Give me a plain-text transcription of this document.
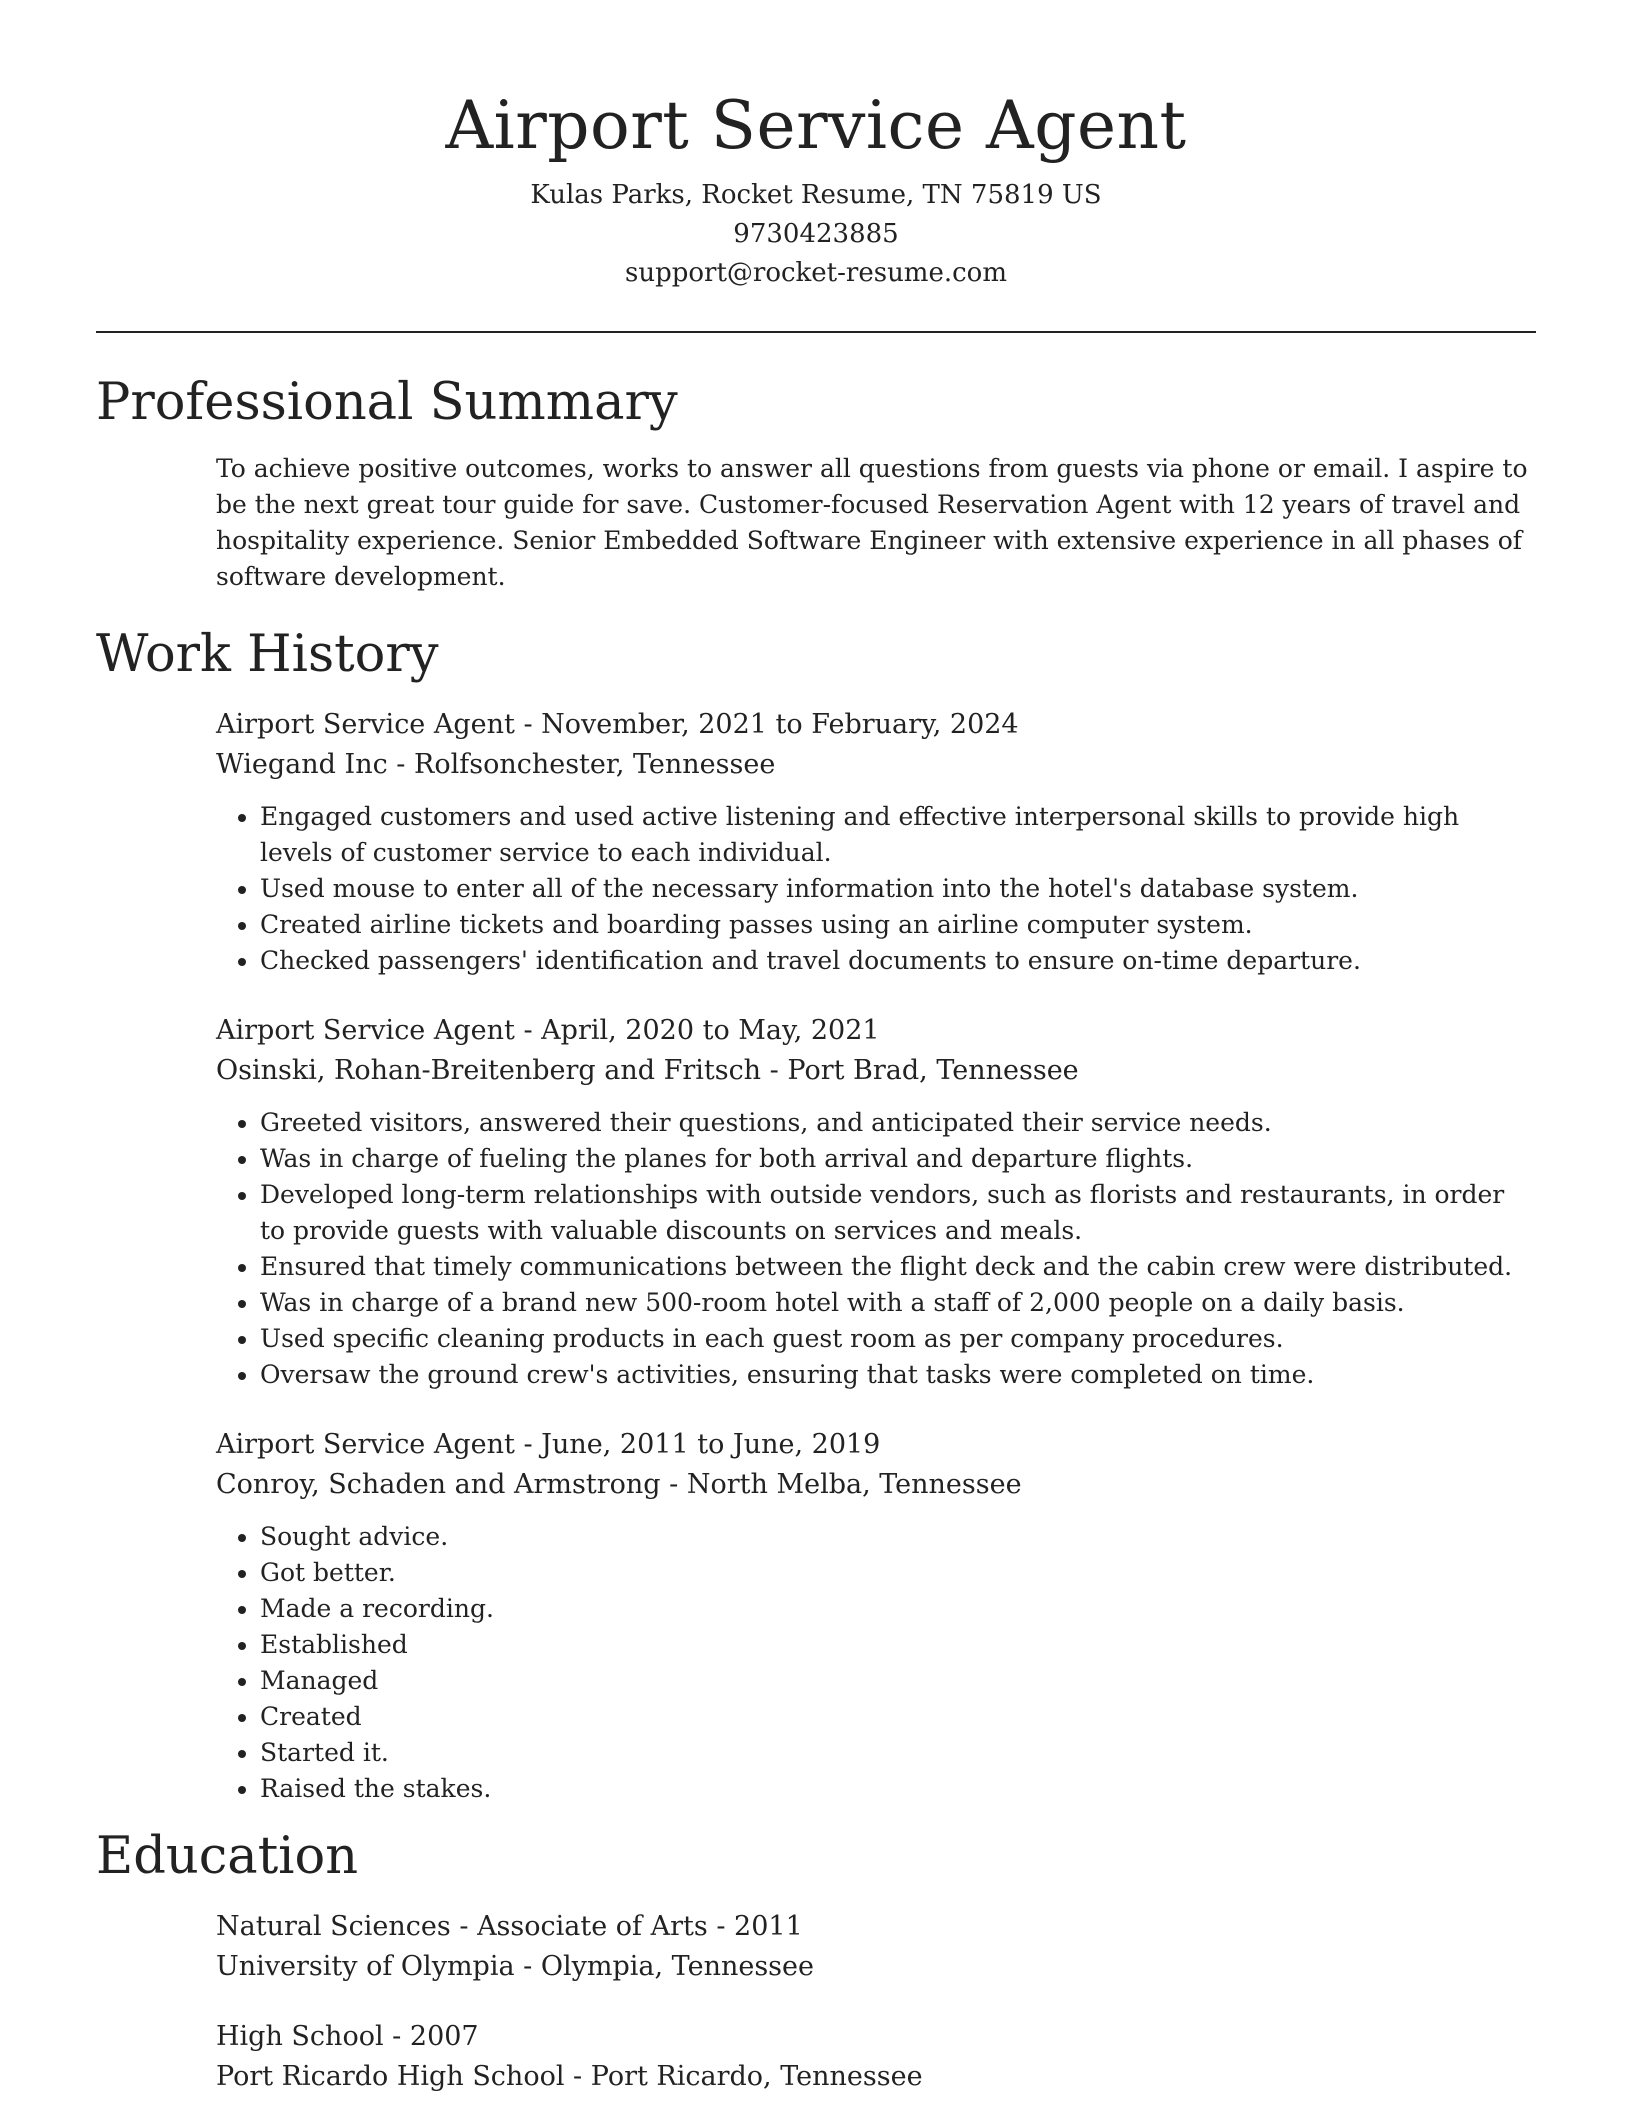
Airport Service Agent

Kulas Parks, Rocket Resume, TN 75819 US

9730423885

support@rocket-resume.com

Professional Summary

To achieve positive outcomes, works to answer all questions from guests via phone or email. I aspire to be the next great tour guide for save. Customer-focused Reservation Agent with 12 years of travel and hospitality experience. Senior Embedded Software Engineer with extensive experience in all phases of software development.

Work History

Airport Service Agent - November, 2021 to February, 2024

Wiegand Inc - Rolfsonchester, Tennessee

• Engaged customers and used active listening and effective interpersonal skills to provide high levels of customer service to each individual.
• Used mouse to enter all of the necessary information into the hotel's database system.
• Created airline tickets and boarding passes using an airline computer system.
• Checked passengers' identification and travel documents to ensure on-time departure.

Airport Service Agent - April, 2020 to May, 2021

Osinski, Rohan-Breitenberg and Fritsch - Port Brad, Tennessee

• Greeted visitors, answered their questions, and anticipated their service needs.
• Was in charge of fueling the planes for both arrival and departure flights.
• Developed long-term relationships with outside vendors, such as florists and restaurants, in order to provide guests with valuable discounts on services and meals.
• Ensured that timely communications between the flight deck and the cabin crew were distributed.
• Was in charge of a brand new 500-room hotel with a staff of 2,000 people on a daily basis.
• Used specific cleaning products in each guest room as per company procedures.
• Oversaw the ground crew's activities, ensuring that tasks were completed on time.

Airport Service Agent - June, 2011 to June, 2019

Conroy, Schaden and Armstrong - North Melba, Tennessee

• Sought advice.
• Got better.
• Made a recording.
• Established
• Managed
• Created
• Started it.
• Raised the stakes.
Education

Natural Sciences - Associate of Arts - 2011

University of Olympia - Olympia, Tennessee

High School - 2007

Port Ricardo High School - Port Ricardo, Tennessee
